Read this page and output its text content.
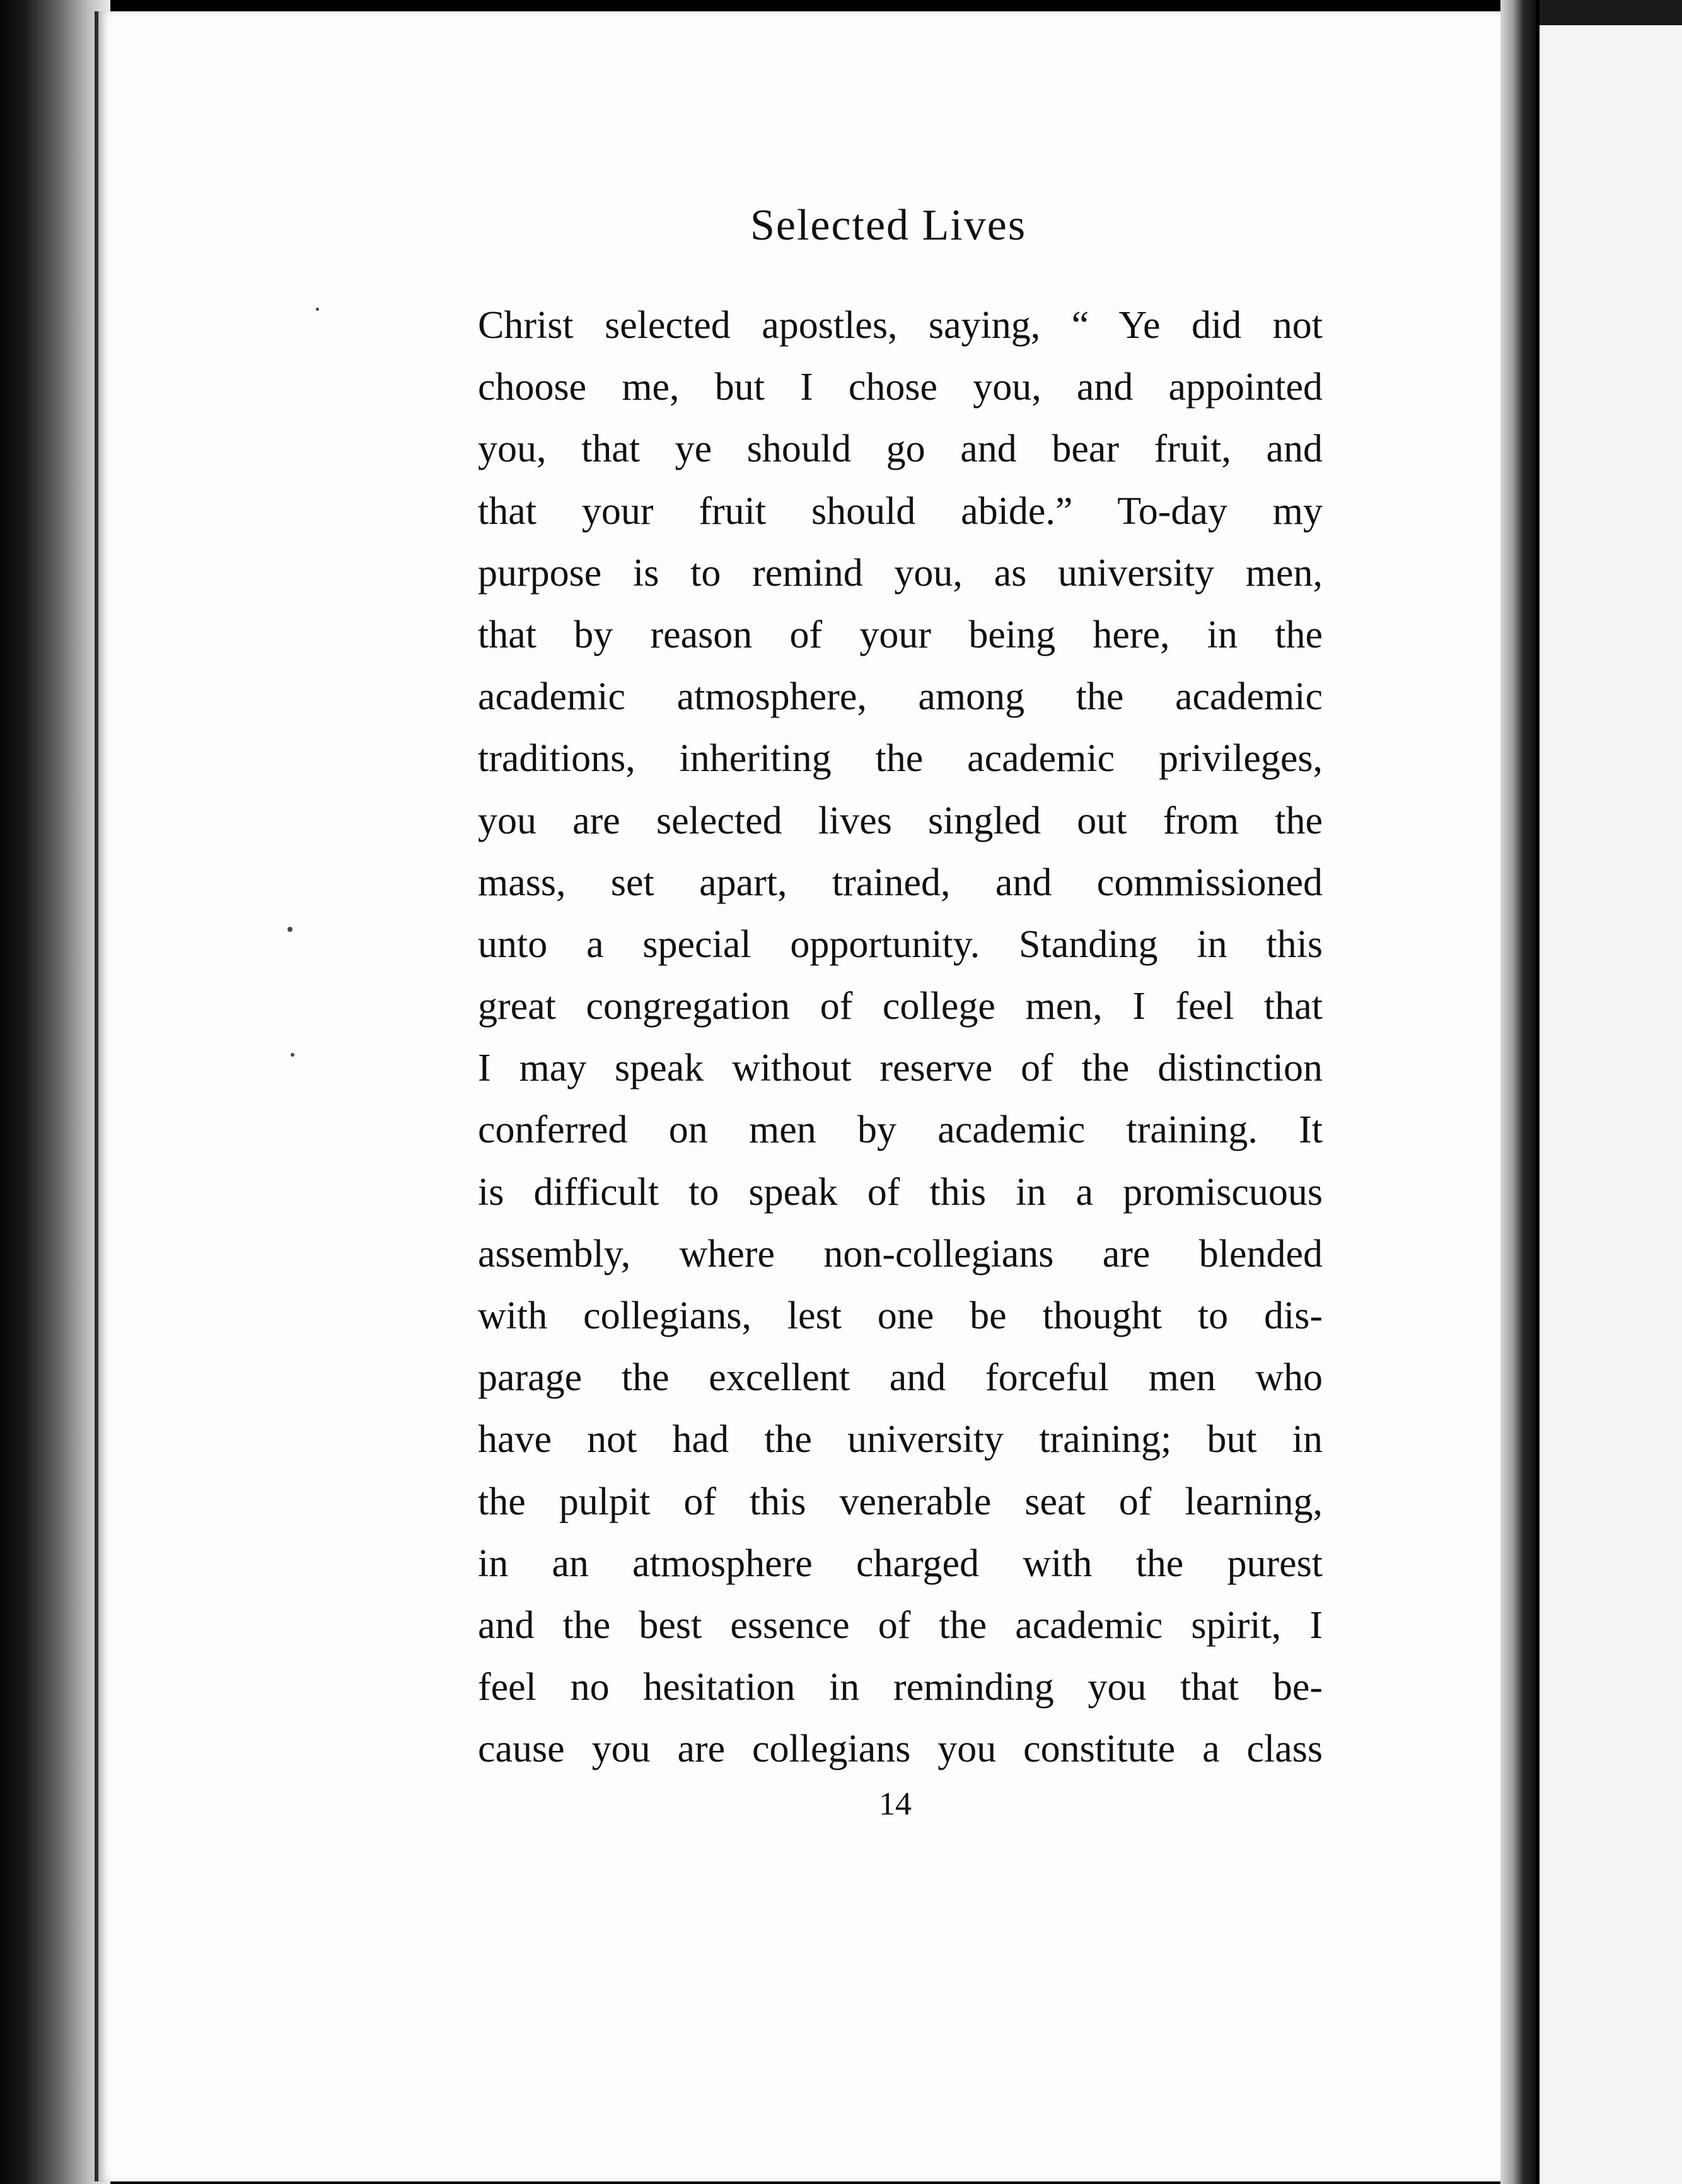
Selected Lives
Christ selected apostles, saying, “ Ye did not
choose me, but I chose you, and appointed
you, that ye should go and bear fruit, and
that your fruit should abide.” To-day my
purpose is to remind you, as university men,
that by reason of your being here, in the
academic atmosphere, among the academic
traditions, inheriting the academic privileges,
you are selected lives singled out from the
mass, set apart, trained, and commissioned
unto a special opportunity. Standing in this
great congregation of college men, I feel that
I may speak without reserve of the distinction
conferred on men by academic training. It
is difficult to speak of this in a promiscuous
assembly, where non-collegians are blended
with collegians, lest one be thought to dis-
parage the excellent and forceful men who
have not had the university training; but in
the pulpit of this venerable seat of learning,
in an atmosphere charged with the purest
and the best essence of the academic spirit, I
feel no hesitation in reminding you that be-
cause you are collegians you constitute a class
14
